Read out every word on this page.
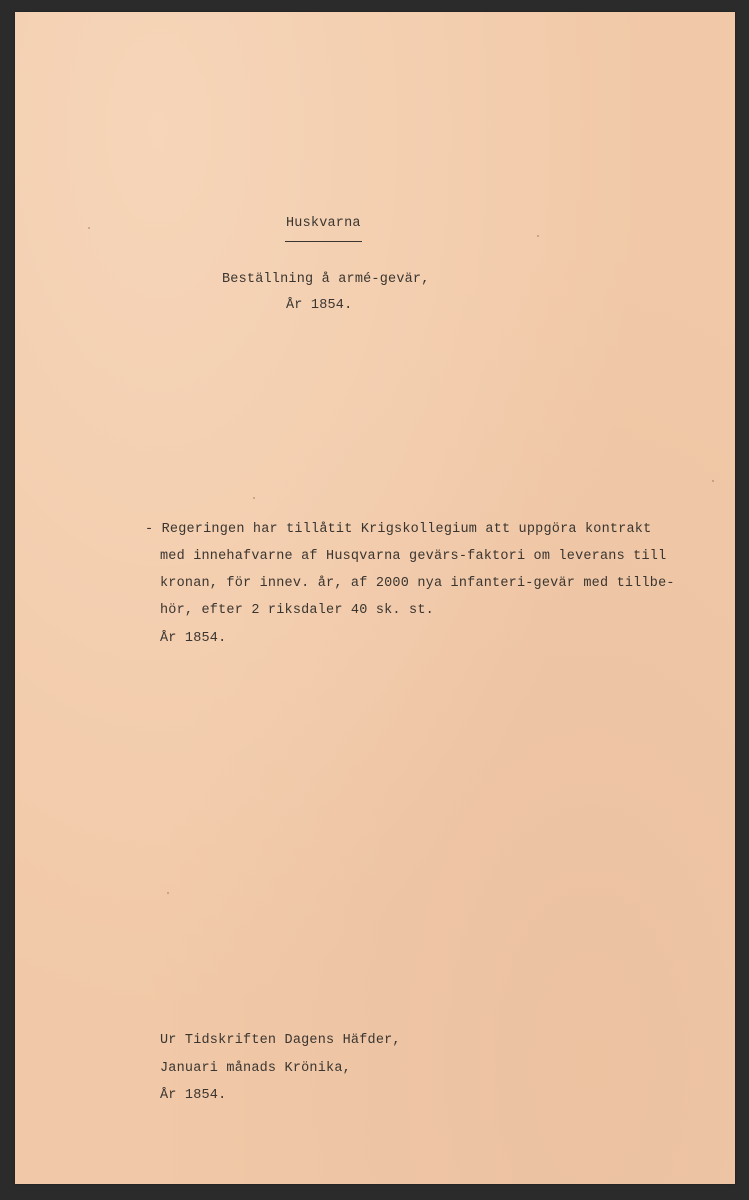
Huskvarna
Beställning å armé-gevär,
År 1854.
- Regeringen har tillåtit Krigskollegium att uppgöra kontrakt
med innehafvarne af Husqvarna gevärs-faktori om leverans till
kronan, för innev. år, af 2000 nya infanteri-gevär med tillbe-
hör, efter 2 riksdaler 40 sk. st.
År 1854.
Ur Tidskriften Dagens Häfder,
Januari månads Krönika,
År 1854.
